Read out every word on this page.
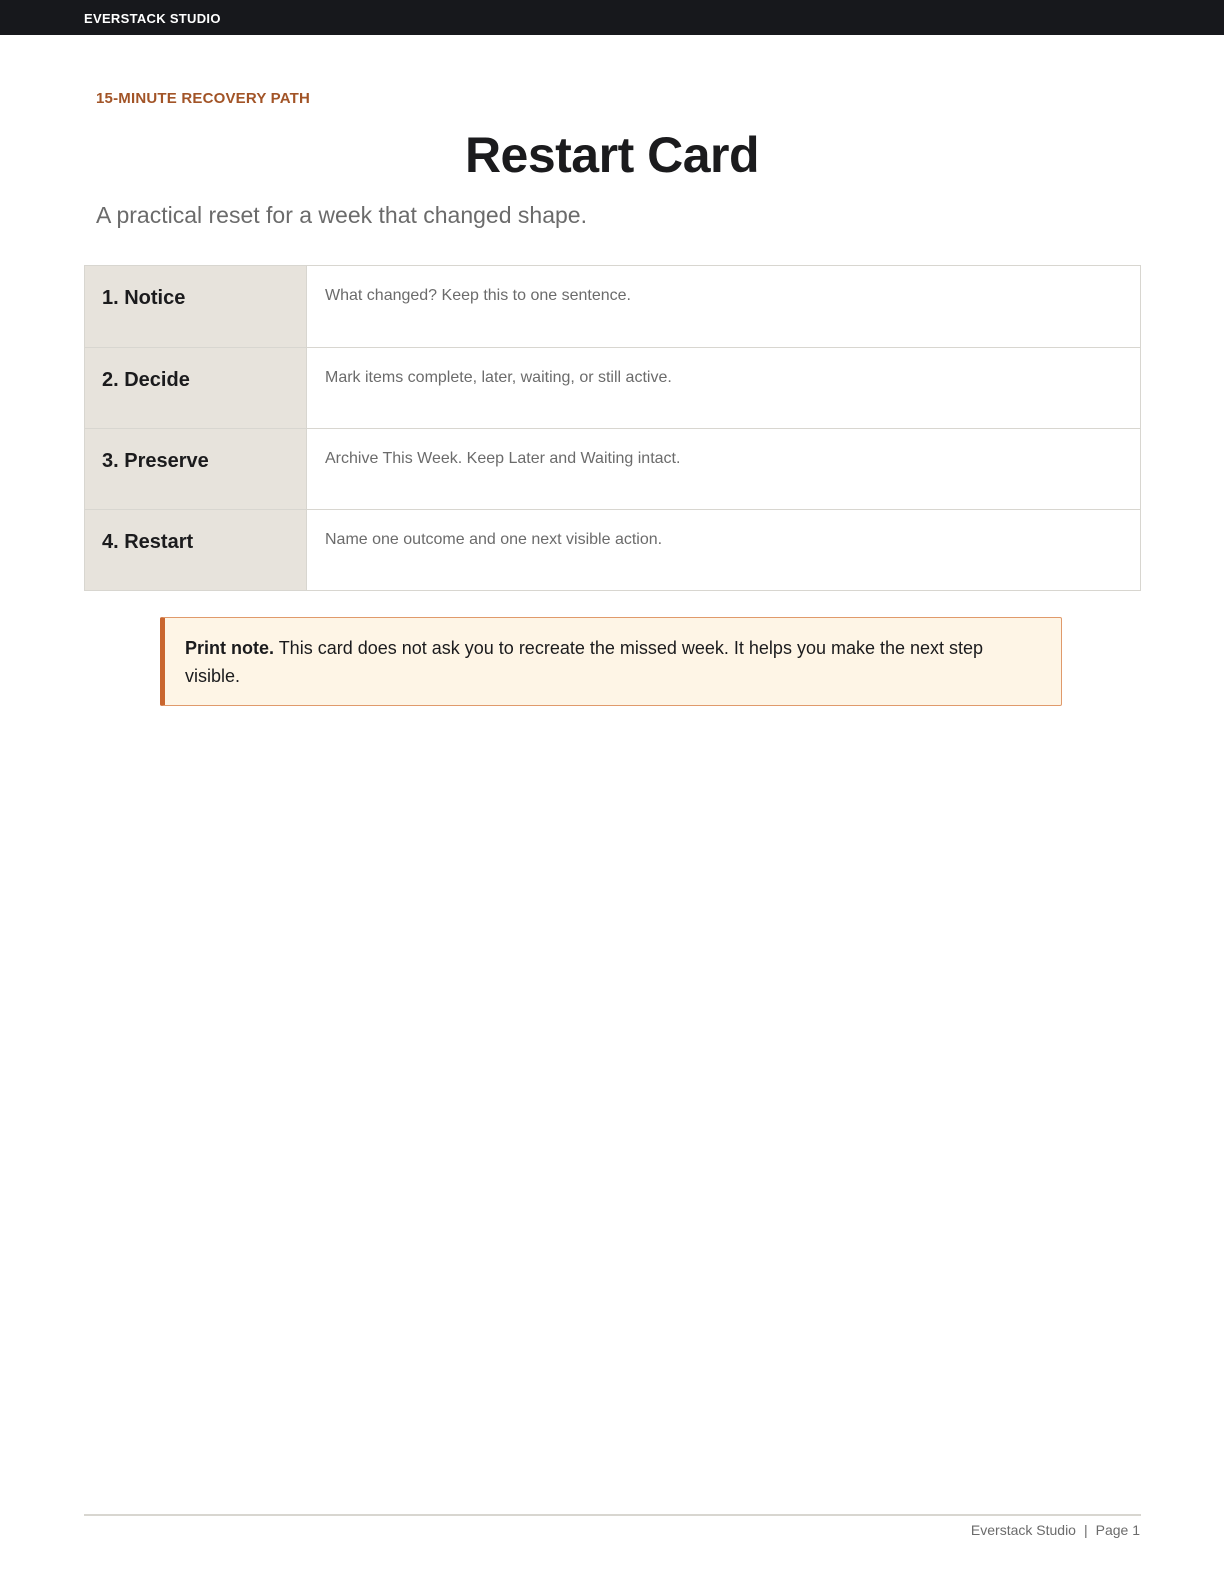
EVERSTACK STUDIO
15-MINUTE RECOVERY PATH
Restart Card

A practical reset for a week that changed shape.

1. Notice	What changed? Keep this to one sentence.
2. Decide	Mark items complete, later, waiting, or still active.
3. Preserve	Archive This Week. Keep Later and Waiting intact.
4. Restart	Name one outcome and one next visible action.
Print note. This card does not ask you to recreate the missed week. It helps you make the next step visible.
Everstack Studio | Page 1
